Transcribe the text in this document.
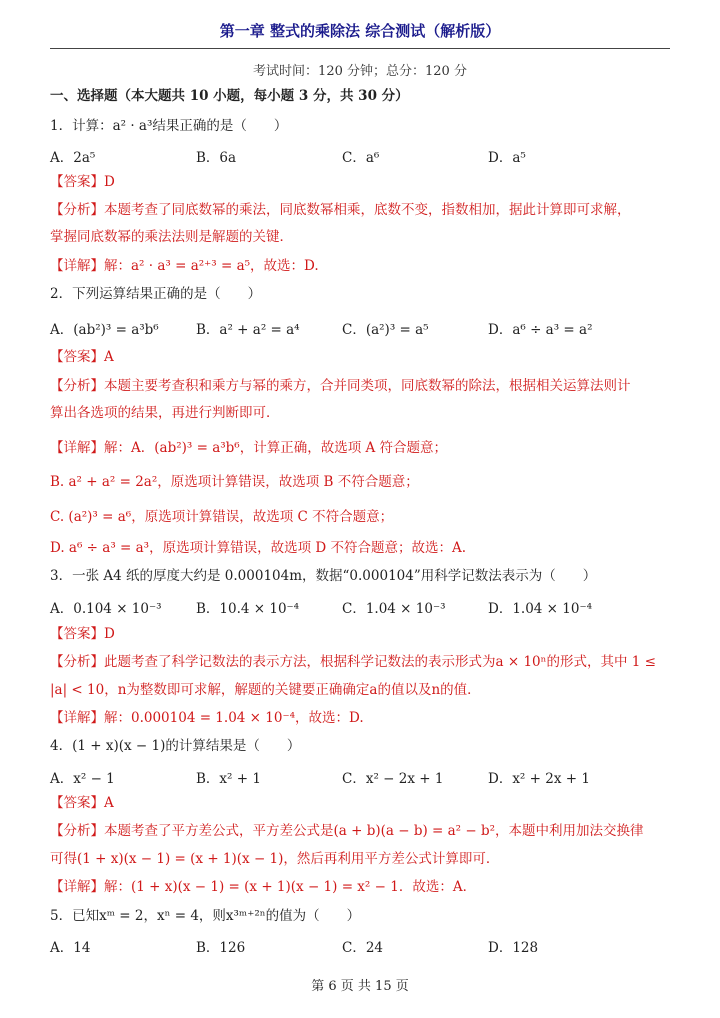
第一章 整式的乘除法 综合测试（解析版）
考试时间：120 分钟；总分：120 分
一、选择题（本大题共 10 小题，每小题 3 分，共 30 分）
1．计算：a² · a³结果正确的是（　　）
A．2a⁵	B．6a	C．a⁶	D．a⁵
【答案】D
【分析】本题考查了同底数幂的乘法，同底数幂相乘，底数不变，指数相加，据此计算即可求解，
掌握同底数幂的乘法法则是解题的关键．
【详解】解：a² · a³ = a²⁺³ = a⁵，故选：D.
2．下列运算结果正确的是（　　）
A．(ab²)³ = a³b⁶	B．a² + a² = a⁴	C．(a²)³ = a⁵	D．a⁶ ÷ a³ = a²
【答案】A
【分析】本题主要考查积和乘方与幂的乘方，合并同类项，同底数幂的除法，根据相关运算法则计
算出各选项的结果，再进行判断即可．
【详解】解：A．(ab²)³ = a³b⁶，计算正确，故选项 A 符合题意；
B. a² + a² = 2a²，原选项计算错误，故选项 B 不符合题意；
C. (a²)³ = a⁶，原选项计算错误，故选项 C 不符合题意；
D. a⁶ ÷ a³ = a³，原选项计算错误，故选项 D 不符合题意；故选：A.
3．一张 A4 纸的厚度大约是 0.000104m，数据“0.000104”用科学记数法表示为（　　）
A．0.104 × 10⁻³	B．10.4 × 10⁻⁴	C．1.04 × 10⁻³	D．1.04 × 10⁻⁴
【答案】D
【分析】此题考查了科学记数法的表示方法，根据科学记数法的表示形式为a × 10ⁿ的形式，其中 1 ≤
|a| < 10，n为整数即可求解，解题的关键要正确确定a的值以及n的值．
【详解】解：0.000104 = 1.04 × 10⁻⁴，故选：D.
4．(1 + x)(x − 1)的计算结果是（　　）
A．x² − 1	B．x² + 1	C．x² − 2x + 1	D．x² + 2x + 1
【答案】A
【分析】本题考查了平方差公式，平方差公式是(a + b)(a − b) = a² − b²，本题中利用加法交换律
可得(1 + x)(x − 1) = (x + 1)(x − 1)，然后再利用平方差公式计算即可．
【详解】解：(1 + x)(x − 1) = (x + 1)(x − 1) = x² − 1．故选：A．
5．已知xᵐ = 2，xⁿ = 4，则x³ᵐ⁺²ⁿ的值为（　　）
A．14	B．126	C．24	D．128
第 6 页 共 15 页
